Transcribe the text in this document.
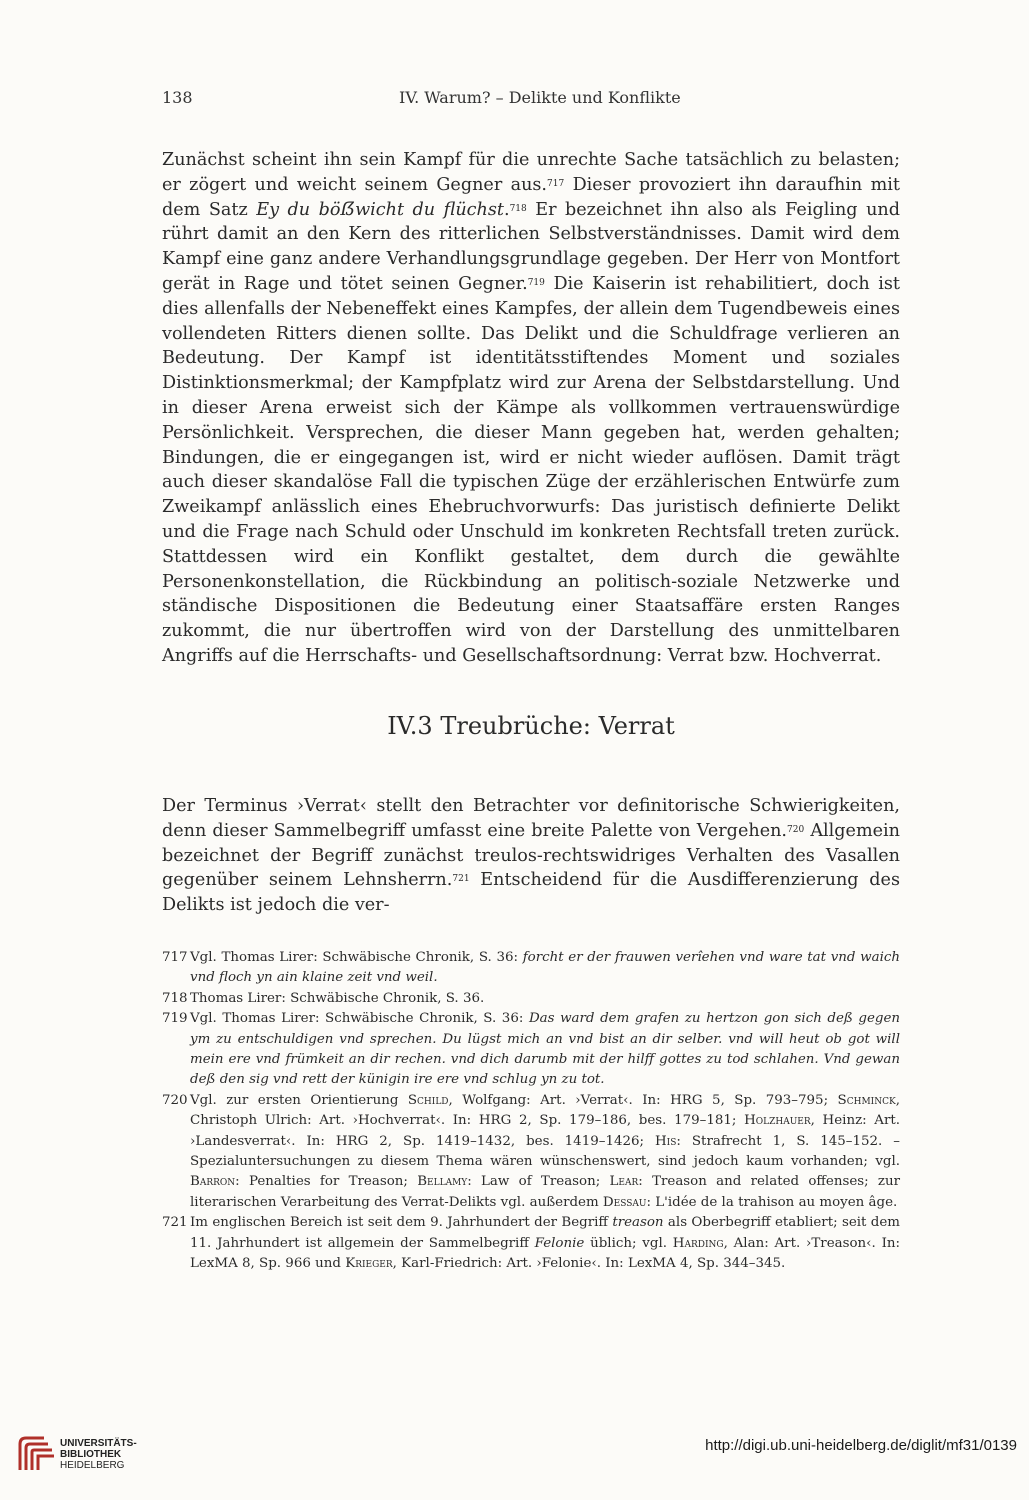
138	IV. Warum? – Delikte und Konflikte

Zunächst scheint ihn sein Kampf für die unrechte Sache tatsächlich zu belasten; er zögert und weicht seinem Gegner aus.$^{717}$ Dieser provoziert ihn daraufhin mit dem Satz Ey du böẞwicht du flüchst.$^{718}$ Er bezeichnet ihn also als Feigling und rührt damit an den Kern des ritterlichen Selbstverständnisses. Damit wird dem Kampf eine ganz andere Verhandlungsgrundlage gegeben. Der Herr von Montfort gerät in Rage und tötet seinen Gegner.$^{719}$ Die Kaiserin ist rehabilitiert, doch ist dies allenfalls der Nebeneffekt eines Kampfes, der allein dem Tugendbeweis eines vollendeten Ritters dienen sollte. Das Delikt und die Schuldfrage verlieren an Bedeutung. Der Kampf ist identitätsstiftendes Moment und soziales Distinktionsmerkmal; der Kampfplatz wird zur Arena der Selbstdarstellung. Und in dieser Arena erweist sich der Kämpe als vollkommen vertrauenswürdige Persönlichkeit. Versprechen, die dieser Mann gegeben hat, werden gehalten; Bindungen, die er eingegangen ist, wird er nicht wieder auflösen. Damit trägt auch dieser skandalöse Fall die typischen Züge der erzählerischen Entwürfe zum Zweikampf anlässlich eines Ehebruchvorwurfs: Das juristisch definierte Delikt und die Frage nach Schuld oder Unschuld im konkreten Rechtsfall treten zurück. Stattdessen wird ein Konflikt gestaltet, dem durch die gewählte Personenkonstellation, die Rückbindung an politisch-soziale Netzwerke und ständische Dispositionen die Bedeutung einer Staatsaffäre ersten Ranges zukommt, die nur übertroffen wird von der Darstellung des unmittelbaren Angriffs auf die Herrschafts- und Gesellschaftsordnung: Verrat bzw. Hochverrat.

IV.3 Treubrüche: Verrat

Der Terminus ›Verrat‹ stellt den Betrachter vor definitorische Schwierigkeiten, denn dieser Sammelbegriff umfasst eine breite Palette von Vergehen.$^{720}$ Allgemein bezeichnet der Begriff zunächst treulos-rechtswidriges Verhalten des Vasallen gegenüber seinem Lehnsherrn.$^{721}$ Entscheidend für die Ausdifferenzierung des Delikts ist jedoch die ver-

717 Vgl. Thomas Lirer: Schwäbische Chronik, S. 36: forcht er der frauwen verîehen vnd ware tat vnd waich vnd floch yn ain klaine zeit vnd weil.

718 Thomas Lirer: Schwäbische Chronik, S. 36.

719 Vgl. Thomas Lirer: Schwäbische Chronik, S. 36: Das ward dem grafen zu hertzon gon sich deß gegen ym zu entschuldigen vnd sprechen. Du lügst mich an vnd bist an dir selber. vnd will heut ob got will mein ere vnd frümkeit an dir rechen. vnd dich darumb mit der hilff gottes zu tod schlahen. Vnd gewan deß den sig vnd rett der künigin ire ere vnd schlug yn zu tot.

720 Vgl. zur ersten Orientierung Schild, Wolfgang: Art. ›Verrat‹. In: HRG 5, Sp. 793–795; Schminck, Christoph Ulrich: Art. ›Hochverrat‹. In: HRG 2, Sp. 179–186, bes. 179–181; Holzhauer, Heinz: Art. ›Landesverrat‹. In: HRG 2, Sp. 1419–1432, bes. 1419–1426; His: Strafrecht 1, S. 145–152. – Spezialuntersuchungen zu diesem Thema wären wünschenswert, sind jedoch kaum vorhanden; vgl. Barron: Penalties for Treason; Bellamy: Law of Treason; Lear: Treason and related offenses; zur literarischen Verarbeitung des Verrat-Delikts vgl. außerdem Dessau: L'idée de la trahison au moyen âge.

721 Im englischen Bereich ist seit dem 9. Jahrhundert der Begriff treason als Oberbegriff etabliert; seit dem 11. Jahrhundert ist allgemein der Sammelbegriff Felonie üblich; vgl. Harding, Alan: Art. ›Treason‹. In: LexMA 8, Sp. 966 und Krieger, Karl-Friedrich: Art. ›Felonie‹. In: LexMA 4, Sp. 344–345.

UNIVERSITÄTS-
BIBLIOTHEK
HEIDELBERG
http://digi.ub.uni-heidelberg.de/diglit/mf31/0139
